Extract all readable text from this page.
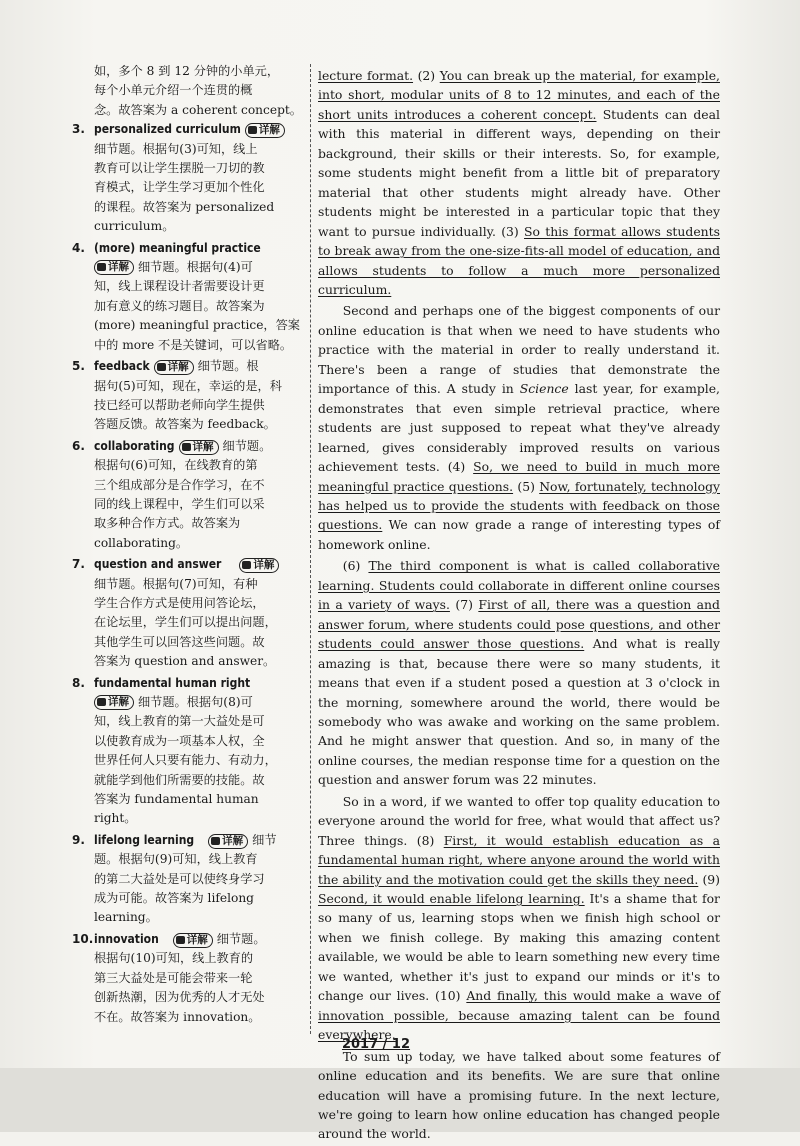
如，多个 8 到 12 分钟的小单元，
每个小单元介绍一个连贯的概
念。故答案为 a coherent concept。
3. personalized curriculum	详解
细节题。根据句(3)可知，线上
教育可以让学生摆脱一刀切的教
育模式，让学生学习更加个性化
的课程。故答案为 personalized
curriculum。
4. (more) meaningful practice
详解 细节题。根据句(4)可
知，线上课程设计者需要设计更
加有意义的练习题目。故答案为
(more) meaningful practice，答案
中的 more 不是关键词，可以省略。
5. feedback	详解 细节题。根
据句(5)可知，现在，幸运的是，科
技已经可以帮助老师向学生提供
答题反馈。故答案为 feedback。
6. collaborating	详解 细节题。
根据句(6)可知，在线教育的第
三个组成部分是合作学习，在不
同的线上课程中，学生们可以采
取多种合作方式。故答案为
collaborating。
7. question and answer	详解
细节题。根据句(7)可知，有种
学生合作方式是使用问答论坛，
在论坛里，学生们可以提出问题，
其他学生可以回答这些问题。故
答案为 question and answer。
8. fundamental human right
详解 细节题。根据句(8)可
知，线上教育的第一大益处是可
以使教育成为一项基本人权，全
世界任何人只要有能力、有动力，
就能学到他们所需要的技能。故
答案为 fundamental human right。
9. lifelong learning	详解 细节
题。根据句(9)可知，线上教育
的第二大益处是可以使终身学习
成为可能。故答案为 lifelong
learning。
10. innovation	详解 细节题。
根据句(10)可知，线上教育的
第三大益处是可能会带来一轮
创新热潮，因为优秀的人才无处
不在。故答案为 innovation。

lecture format. (2) You can break up the material, for example, into short, modular units of 8 to 12 minutes, and each of the short units introduces a coherent concept. Students can deal with this material in different ways, depending on their background, their skills or their interests. So, for example, some students might benefit from a little bit of preparatory material that other students might already have. Other students might be interested in a particular topic that they want to pursue individually. (3) So this format allows students to break away from the one-size-fits-all model of education, and allows students to follow a much more personalized curriculum.

Second and perhaps one of the biggest components of our online education is that when we need to have students who practice with the material in order to really understand it. There's been a range of studies that demonstrate the importance of this. A study in Science last year, for example, demonstrates that even simple retrieval practice, where students are just supposed to repeat what they've already learned, gives considerably improved results on various achievement tests. (4) So, we need to build in much more meaningful practice questions. (5) Now, fortunately, technology has helped us to provide the students with feedback on those questions. We can now grade a range of interesting types of homework online.

(6) The third component is what is called collaborative learning. Students could collaborate in different online courses in a variety of ways. (7) First of all, there was a question and answer forum, where students could pose questions, and other students could answer those questions. And what is really amazing is that, because there were so many students, it means that even if a student posed a question at 3 o'clock in the morning, somewhere around the world, there would be somebody who was awake and working on the same problem. And he might answer that question. And so, in many of the online courses, the median response time for a question on the question and answer forum was 22 minutes.

So in a word, if we wanted to offer top quality education to everyone around the world for free, what would that affect us? Three things. (8) First, it would establish education as a fundamental human right, where anyone around the world with the ability and the motivation could get the skills they need. (9) Second, it would enable lifelong learning. It's a shame that for so many of us, learning stops when we finish high school or when we finish college. By making this amazing content available, we would be able to learn something new every time we wanted, whether it's just to expand our minds or it's to change our lives. (10) And finally, this would make a wave of innovation possible, because amazing talent can be found everywhere.

To sum up today, we have talked about some features of online education and its benefits. We are sure that online education will have a promising future. In the next lecture, we're going to learn how online education has changed people around the world.

2017 / 12
